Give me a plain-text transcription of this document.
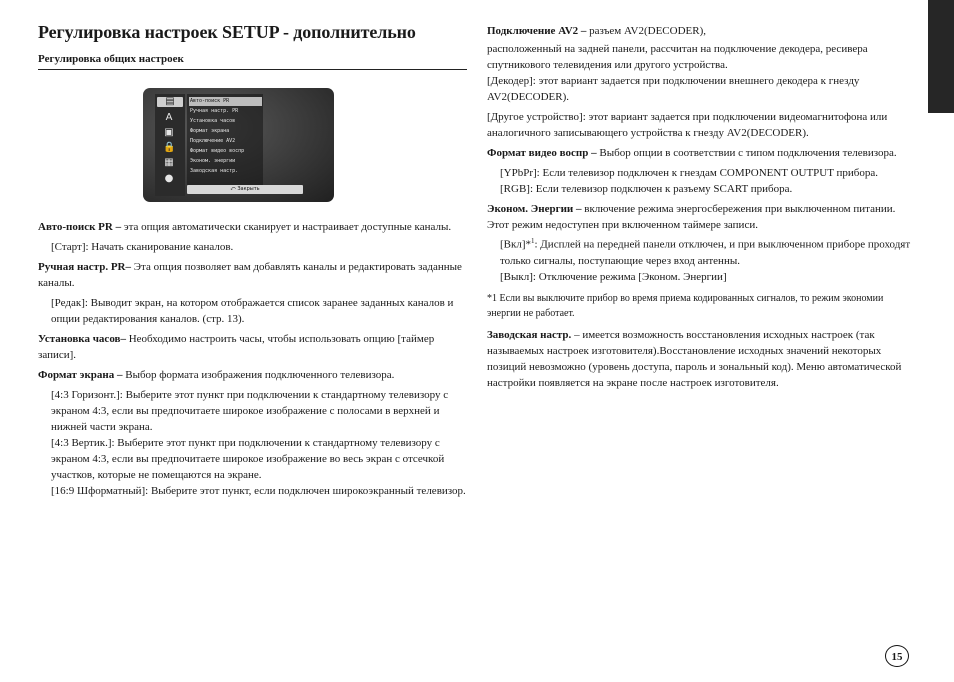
Регулировка настроек SETUP - дополнительно
Регулировка общих настроек
▤
A
▣
🔒
▦
●
Авто-поиск PR
Ручная настр. PR
Установка часов
Формат экрана
Подключение AV2
Формат видео воспр
Эконом. энергии
Заводская настр.
⤺ Закрыть

Авто-поиск PR – эта опция автоматически сканирует и настраивает доступные каналы.

[Старт]: Начать сканирование каналов.

Ручная настр. PR– Эта опция позволяет вам добавлять каналы и редактировать заданные каналы.

[Редак]: Выводит экран, на котором отображается список заранее заданных каналов и опции редактирования каналов. (стр. 13).

Установка часов– Необходимо настроить часы, чтобы использовать опцию [таймер записи].

Формат экрана – Выбор формата изображения подключенного телевизора.

[4:3 Горизонт.]: Выберите этот пункт при подключении к стандартному телевизору с экраном 4:3, если вы предпочитаете широкое изображение с полосами в верхней и нижней части экрана.

[4:3 Вертик.]: Выберите этот пункт при подключении к стандартному телевизору с экраном 4:3, если вы предпочитаете широкое изображение во весь экран с отсечкой участков, которые не помещаются на экране.

[16:9 Шформатный]: Выберите этот пункт, если подключен широкоэкранный телевизор.

Подключение AV2 – разъем AV2(DECODER),

расположенный на задней панели, рассчитан на подключение декодера, ресивера спутникового телевидения или другого устройства.

[Декодер]: этот вариант задается при подключении внешнего декодера к гнезду AV2(DECODER).

[Другое устройство]: этот вариант задается при подключении видеомагнитофона или аналогичного записывающего устройства к гнезду AV2(DECODER).

Формат видео воспр – Выбор опции в соответствии с типом подключения телевизора.

[YPbPr]: Если телевизор подключен к гнездам COMPONENT OUTPUT прибора.

[RGB]: Если телевизор подключен к разъему SCART прибора.

Эконом. Энергии – включение режима энергосбережения при выключенном питании. Этот режим недоступен при включенном таймере записи.

[Вкл]*$^1$: Дисплей на передней панели отключен, и при выключенном приборе проходят только сигналы, поступающие через вход антенны.

[Выкл]: Отключение режима [Эконом. Энергии]

*1 Если вы выключите прибор во время приема кодированных сигналов, то режим экономии энергии не работает.

Заводская настр. – имеется возможность восстановления исходных настроек (так называемых настроек изготовителя).Восстановление исходных значений некоторых позиций невозможно (уровень доступа, пароль и зональный код). Меню автоматической настройки появляется на экране после настроек изготовителя.

15
